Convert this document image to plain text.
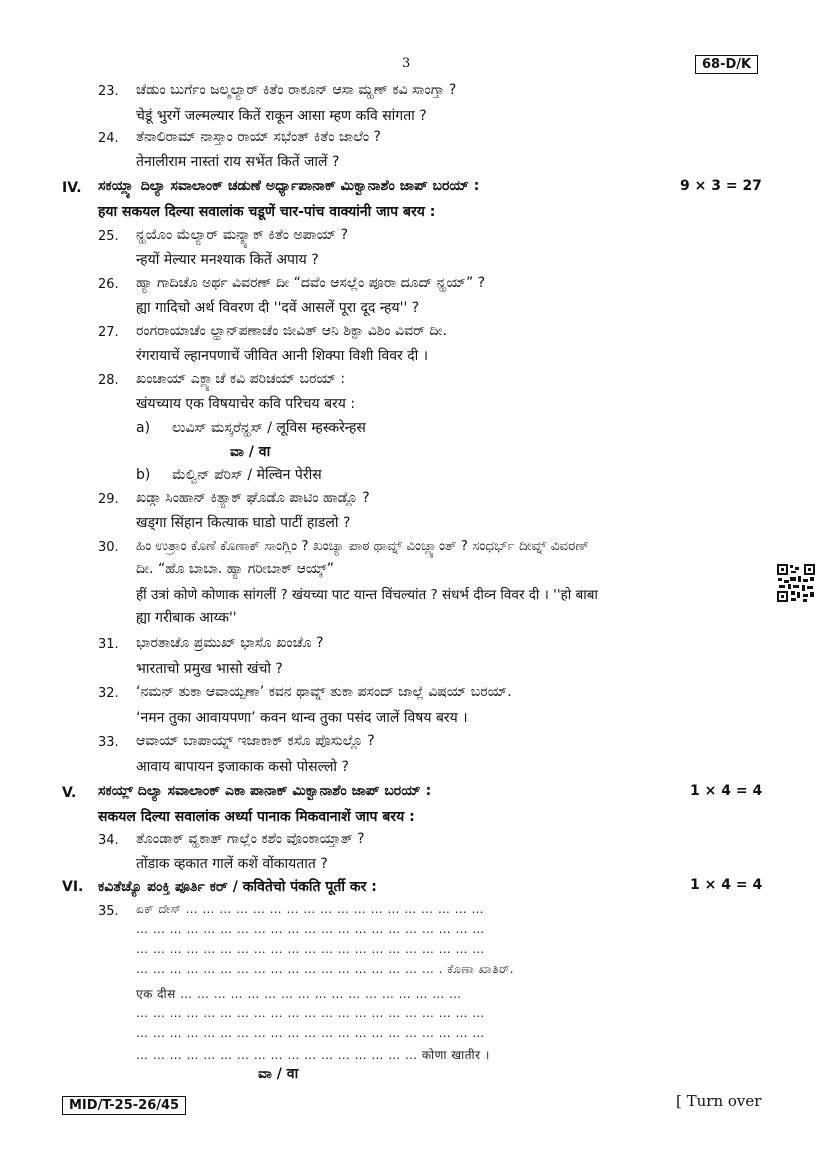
3	68-D/K
23. ಚೆಡುಂ ಬುರ್ಗೆಂ ಜಲ್ಮಲ್ಯಾರ್ ಕಿತೆಂ ರಾಕೂನ್ ಆಸಾ ಮ್ಹಣ್ ಕವಿ ಸಾಂಗ್ತಾ ?
चेडूं भुरगें जल्मल्यार कितें राकून आसा म्हण कवि सांगता ?
24. ತೆನಾಲಿರಾಮ್ ನಾಸ್ತಾಂ ರಾಯ್ ಸಭೆಂತ್ ಕಿತೆಂ ಜಾಲೆಂ ?
तेनालीराम नास्तां राय सभेंत कितें जालें ?
IV. ಸಕಯ್ಲ್ಯಾ ದಿಲ್ಯಾ ಸವಾಲಾಂಕ್ ಚಡುಣೆ ಅರ್ಧ್ಯಾಪಾನಾಕ್ ಮಿಕ್ವಾನಾಶೆಂ ಜಾಪ್ ಬರಯ್ :	9 × 3 = 27
हया सकयल दिल्या सवालांक चडूणें चार-पांच वाक्यांनी जाप बरय :
25. ನ್ಹಯೊಂ ಮೆಲ್ಯಾರ್ ಮನ್ಶ್ಯಾಕ್ ಕಿತೆಂ ಅಪಾಯ್ ?
न्हयों मेल्यार मनश्याक कितें अपाय ?
26. ಹ್ಯಾ ಗಾದಿಚೊ ಅರ್ಥ ವಿವರಣ್ ದೀ “ದವೆಂ ಆಸಲ್ಲೆಂ ಪೂರಾ ದೂದ್ ನ್ಹಯ್” ?
ह्या गादिचो अर्थ विवरण दी ''दवें आसलें पूरा दूद न्हय'' ?
27. ರಂಗರಾಯಾಚೆಂ ಲ್ಹಾನ್‌ಪಣಾಚೆಂ ಜೀವಿತ್ ಆನಿ ಶಿಕ್ಪಾ ವಿಶಿಂ ವಿವರ್ ದೀ.
रंगरायाचें ल्हानपणाचें जीवित आनी शिक्पा विशी विवर दी ।
28. ಖಂಚಾಯ್ ಎಕ್ಲ್ಯಾಚೆ ಕವಿ ಪರಿಚಯ್ ಬರಯ್ :
खंयच्याय एक विषयाचेर कवि परिचय बरय :
a) ಲುವಿಸ್ ಮಸ್ಕರೆನ್ಹಸ್ / लूविस म्हस्करेन्हस
ವಾ / वा
b) ಮೆಲ್ವಿನ್ ಪೆರಿಸ್ / मेल्विन पेरीस
29. ಖಡ್ಗಾ ಸಿಂಹಾನ್ ಕಿತ್ಯಾಕ್ ಘೊಡೊ ಪಾಟಿಂ ಹಾಡ್ಲೊ ?
खड्गा सिंहान कित्याक घाडो पाटीं हाडलो ?
30. ಹಿಂ ಉತ್ರಾಂ ಕೊಣೆ ಕೊಣಾಕ್ ಸಾಂಗ್ಲಿಂ ? ಖಂಚ್ಯಾ ಪಾಠ ಥಾವ್ನ್ ವಿಂಚ್ಲ್ಯಾಂತ್ ? ಸಂಧರ್ಭ್ ದೀವ್ನ್ ವಿವರಣ್
ದೀ. “ಹೊ ಬಾಬಾ. ಹ್ಯಾ ಗರೀಬಾಕ್ ಆಯ್ಕ್”
हीं उत्रां कोणे कोणाक सांगलीं ? खंयच्या पाट यान्त विंचल्यांत ? संधर्भ दीव्न विवर दी । ''हो बाबा
ह्या गरीबाक आय्क''
31. ಭಾರತಾಚೊ ಪ್ರಮುಖ್ ಭಾಸೊ ಖಂಚೊ ?
भारताचो प्रमुख भासो खंचो ?
32. ‘ನಮನ್ ತುಕಾ ಆವಾಯ್ಪಣಾ’ ಕವನ ಥಾವ್ನ್ ತುಕಾ ಪಸಂದ್ ಜಾಲ್ಲೆ ವಿಷಯ್ ಬರಯ್.
‘नमन तुका आवायपणा’ कवन थान्व तुका पसंद जालें विषय बरय ।
33. ಆವಾಯ್ ಬಾಪಾಯ್ನ್ ಇಜಾಕಾಕ್ ಕಸೊ ಪೊಸುಲ್ಲೊ ?
आवाय बापायन इजाकाक कसो पोसल्लो ?
V. ಸಕಯ್ಲ್ ದಿಲ್ಯಾ ಸವಾಲಾಂಕ್ ಎಕಾ ಪಾನಾಕ್ ಮಿಕ್ವಾನಾಶೆಂ ಜಾಪ್ ಬರಯ್ :	1 × 4 = 4
सकयल दिल्या सवालांक अर्ध्या पानाक मिकवानाशें जाप बरय :
34. ತೊಂಡಾಕ್ ವ್ಹಕಾತ್ ಗಾಲ್ಲೆಂ ಕಶೆಂ ವೊಂಕಾಯ್ತಾತ್ ?
तोंडाक व्हकात गालें कशें वोंकायतात ?
VI. ಕವಿತೆಚ್ಯೊ ಪಂಕ್ತಿ ಪೂರ್ತಿ ಕರ್ / कवितेचो पंकति पूर्ती कर :	1 × 4 = 4
35. ಏಕ್ ದೇಸ್ … … … … … … … … … … … … … … … … … …
… … … … … … … … … … … … … … … … … … … … …
… … … … … … … … … … … … … … … … … … … … …
… … … … … … … … … … … … … … … … … … . ಕೊಣಾ ಖಾತಿರ್.
एक दीस … … … … … … … … … … … … … … … … …
… … … … … … … … … … … … … … … … … … … … …
… … … … … … … … … … … … … … … … … … … … …
… … … … … … … … … … … … … … … … … कोणा खातीर ।
ವಾ / वा
MID/T-25-26/45	[ Turn over
